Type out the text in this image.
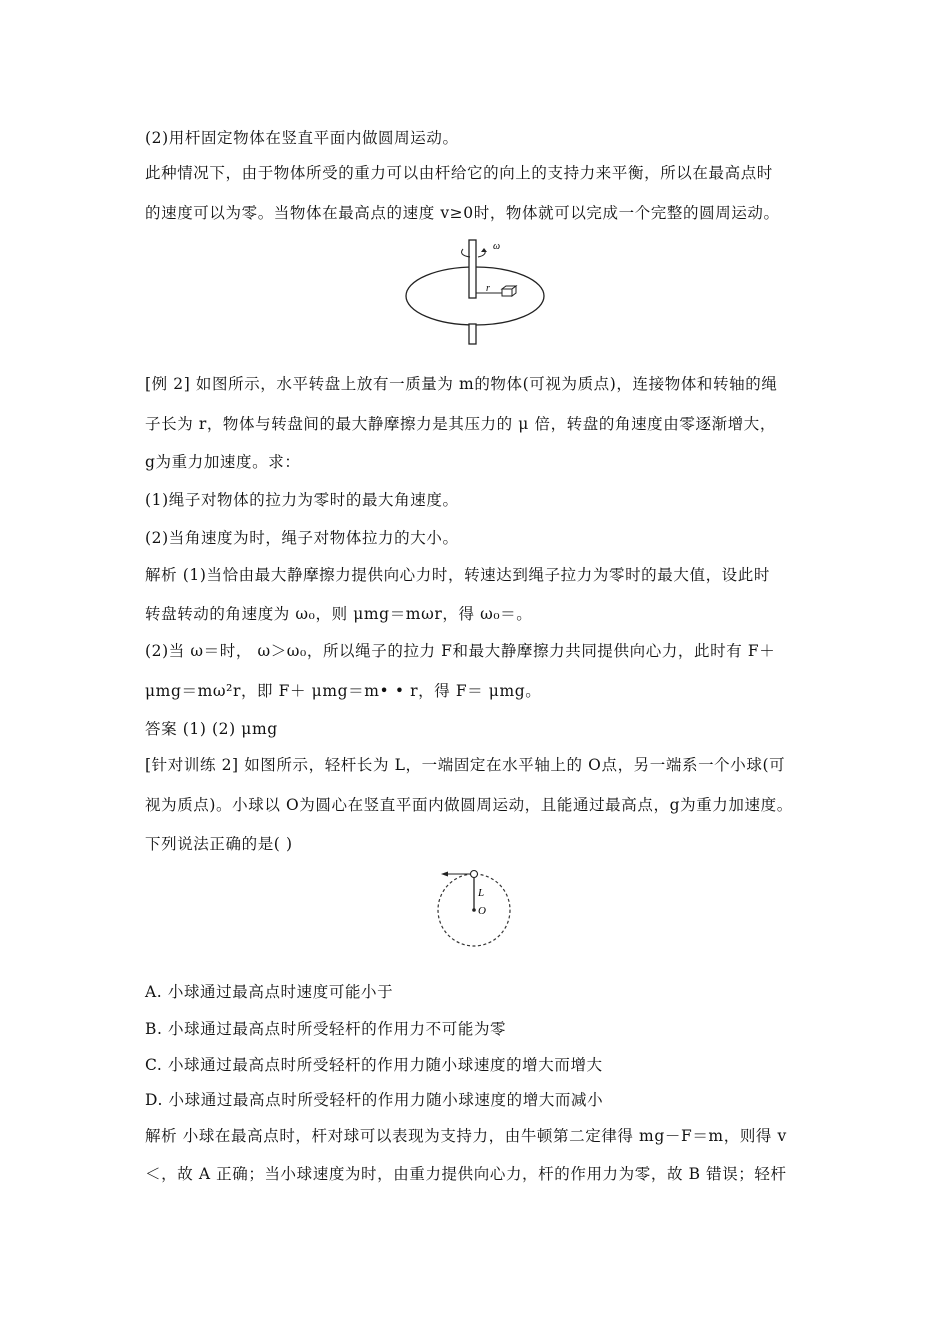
(2)用杆固定物体在竖直平面内做圆周运动。
此种情况下，由于物体所受的重力可以由杆给它的向上的支持力来平衡，所以在最高点时
的速度可以为零。当物体在最高点的速度 v≥0时，物体就可以完成一个完整的圆周运动。
ω
r
[例 2] 如图所示，水平转盘上放有一质量为 m的物体(可视为质点)，连接物体和转轴的绳
子长为 r，物体与转盘间的最大静摩擦力是其压力的 μ 倍，转盘的角速度由零逐渐增大，
g为重力加速度。求：
(1)绳子对物体的拉力为零时的最大角速度。
(2)当角速度为时，绳子对物体拉力的大小。
解析 (1)当恰由最大静摩擦力提供向心力时，转速达到绳子拉力为零时的最大值，设此时
转盘转动的角速度为 ω₀，则 μmg＝mωr，得 ω₀＝。
(2)当 ω＝时， ω＞ω₀，所以绳子的拉力 F和最大静摩擦力共同提供向心力，此时有 F＋
μmg＝mω²r，即 F＋ μmg＝m• • r，得 F＝ μmg。
答案 (1) (2) μmg
[针对训练 2] 如图所示，轻杆长为 L，一端固定在水平轴上的 O点，另一端系一个小球(可
视为质点)。小球以 O为圆心在竖直平面内做圆周运动，且能通过最高点，g为重力加速度。
下列说法正确的是( )
L
O
A. 小球通过最高点时速度可能小于
B. 小球通过最高点时所受轻杆的作用力不可能为零
C. 小球通过最高点时所受轻杆的作用力随小球速度的增大而增大
D. 小球通过最高点时所受轻杆的作用力随小球速度的增大而减小
解析 小球在最高点时，杆对球可以表现为支持力，由牛顿第二定律得 mg－F＝m，则得 v
＜，故 A 正确；当小球速度为时，由重力提供向心力，杆的作用力为零，故 B 错误；轻杆
